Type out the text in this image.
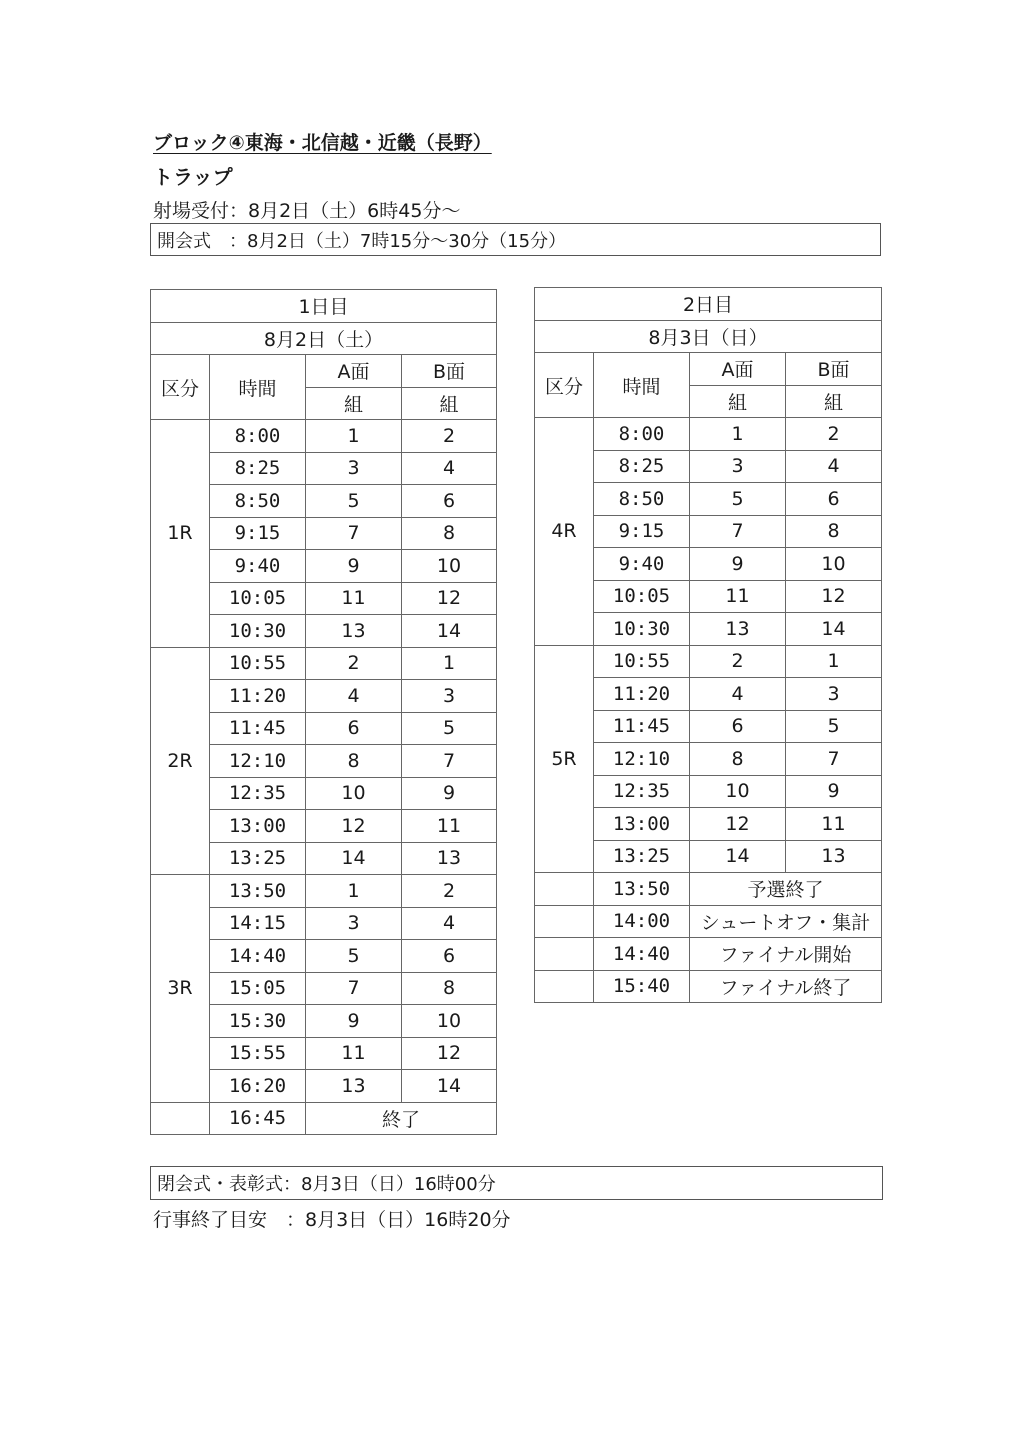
ブロック④東海・北信越・近畿（長野）
トラップ
射場受付：8月2日（土）6時45分～
開会式　：8月2日（土）7時15分～30分（15分）
1日目			
8月2日（土）			
区分	時間	A面	B面
		組	組
1R	8:00	1	2
	8:25	3	4
	8:50	5	6
	9:15	7	8
	9:40	9	10
	10:05	11	12
	10:30	13	14
2R	10:55	2	1
	11:20	4	3
	11:45	6	5
	12:10	8	7
	12:35	10	9
	13:00	12	11
	13:25	14	13
3R	13:50	1	2
	14:15	3	4
	14:40	5	6
	15:05	7	8
	15:30	9	10
	15:55	11	12
	16:20	13	14
	16:45	終了	
2日目			
8月3日（日）			
区分	時間	A面	B面
		組	組
4R	8:00	1	2
	8:25	3	4
	8:50	5	6
	9:15	7	8
	9:40	9	10
	10:05	11	12
	10:30	13	14
5R	10:55	2	1
	11:20	4	3
	11:45	6	5
	12:10	8	7
	12:35	10	9
	13:00	12	11
	13:25	14	13
	13:50	予選終了	
	14:00	シュートオフ・集計	
	14:40	ファイナル開始	
	15:40	ファイナル終了	
閉会式・表彰式：8月3日（日）16時00分
行事終了目安　：8月3日（日）16時20分
